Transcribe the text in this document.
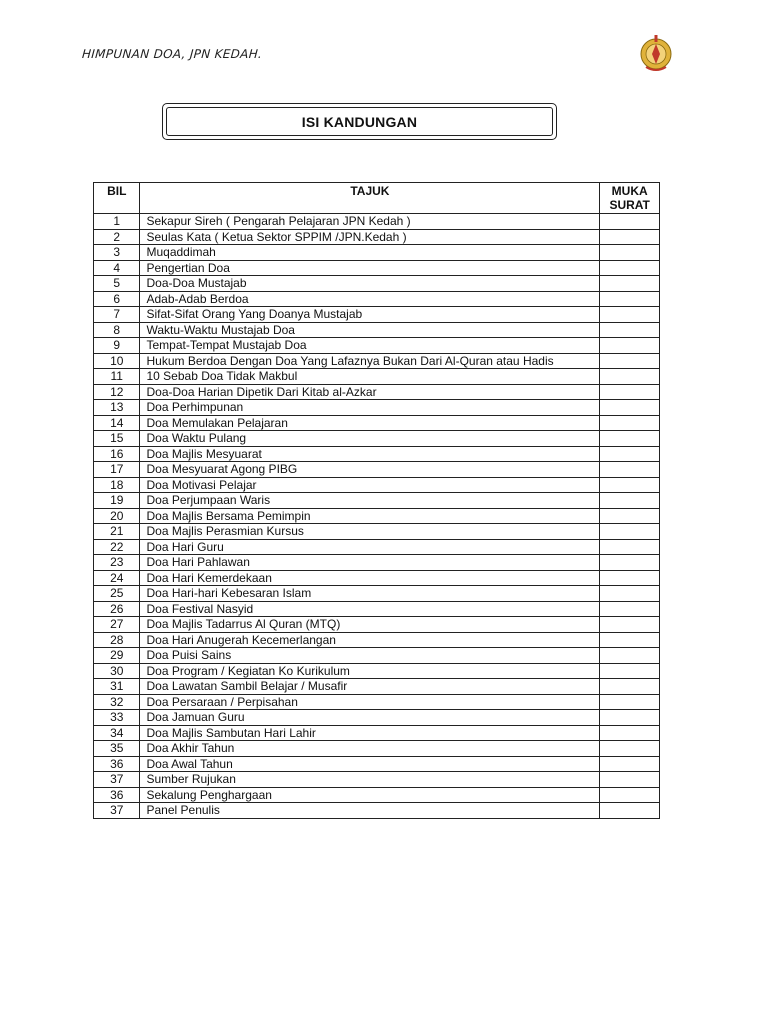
HIMPUNAN DOA, JPN KEDAH.
ISI KANDUNGAN
BIL	TAJUK	MUKA
SURAT
1	Sekapur Sireh ( Pengarah Pelajaran JPN Kedah )	
2	Seulas Kata ( Ketua Sektor SPPIM /JPN.Kedah )	
3	Muqaddimah	
4	Pengertian Doa	
5	Doa-Doa Mustajab	
6	Adab-Adab Berdoa	
7	Sifat-Sifat Orang Yang Doanya Mustajab	
8	Waktu-Waktu Mustajab Doa	
9	Tempat-Tempat Mustajab Doa	
10	Hukum Berdoa Dengan Doa Yang Lafaznya Bukan Dari Al-Quran atau Hadis	
11	10 Sebab Doa Tidak Makbul	
12	Doa-Doa Harian Dipetik Dari Kitab al-Azkar	
13	Doa Perhimpunan	
14	Doa Memulakan Pelajaran	
15	Doa Waktu Pulang	
16	Doa Majlis Mesyuarat	
17	Doa Mesyuarat Agong PIBG	
18	Doa Motivasi Pelajar	
19	Doa Perjumpaan Waris	
20	Doa Majlis Bersama Pemimpin	
21	Doa Majlis Perasmian Kursus	
22	Doa Hari Guru	
23	Doa Hari Pahlawan	
24	Doa Hari Kemerdekaan	
25	Doa Hari-hari Kebesaran Islam	
26	Doa Festival Nasyid	
27	Doa Majlis Tadarrus Al Quran (MTQ)	
28	Doa Hari Anugerah Kecemerlangan	
29	Doa Puisi Sains	
30	Doa Program / Kegiatan Ko Kurikulum	
31	Doa Lawatan Sambil Belajar / Musafir	
32	Doa Persaraan / Perpisahan	
33	Doa Jamuan Guru	
34	Doa Majlis Sambutan Hari Lahir	
35	Doa Akhir Tahun	
36	Doa Awal Tahun	
37	Sumber Rujukan	
36	Sekalung Penghargaan	
37	Panel Penulis	
